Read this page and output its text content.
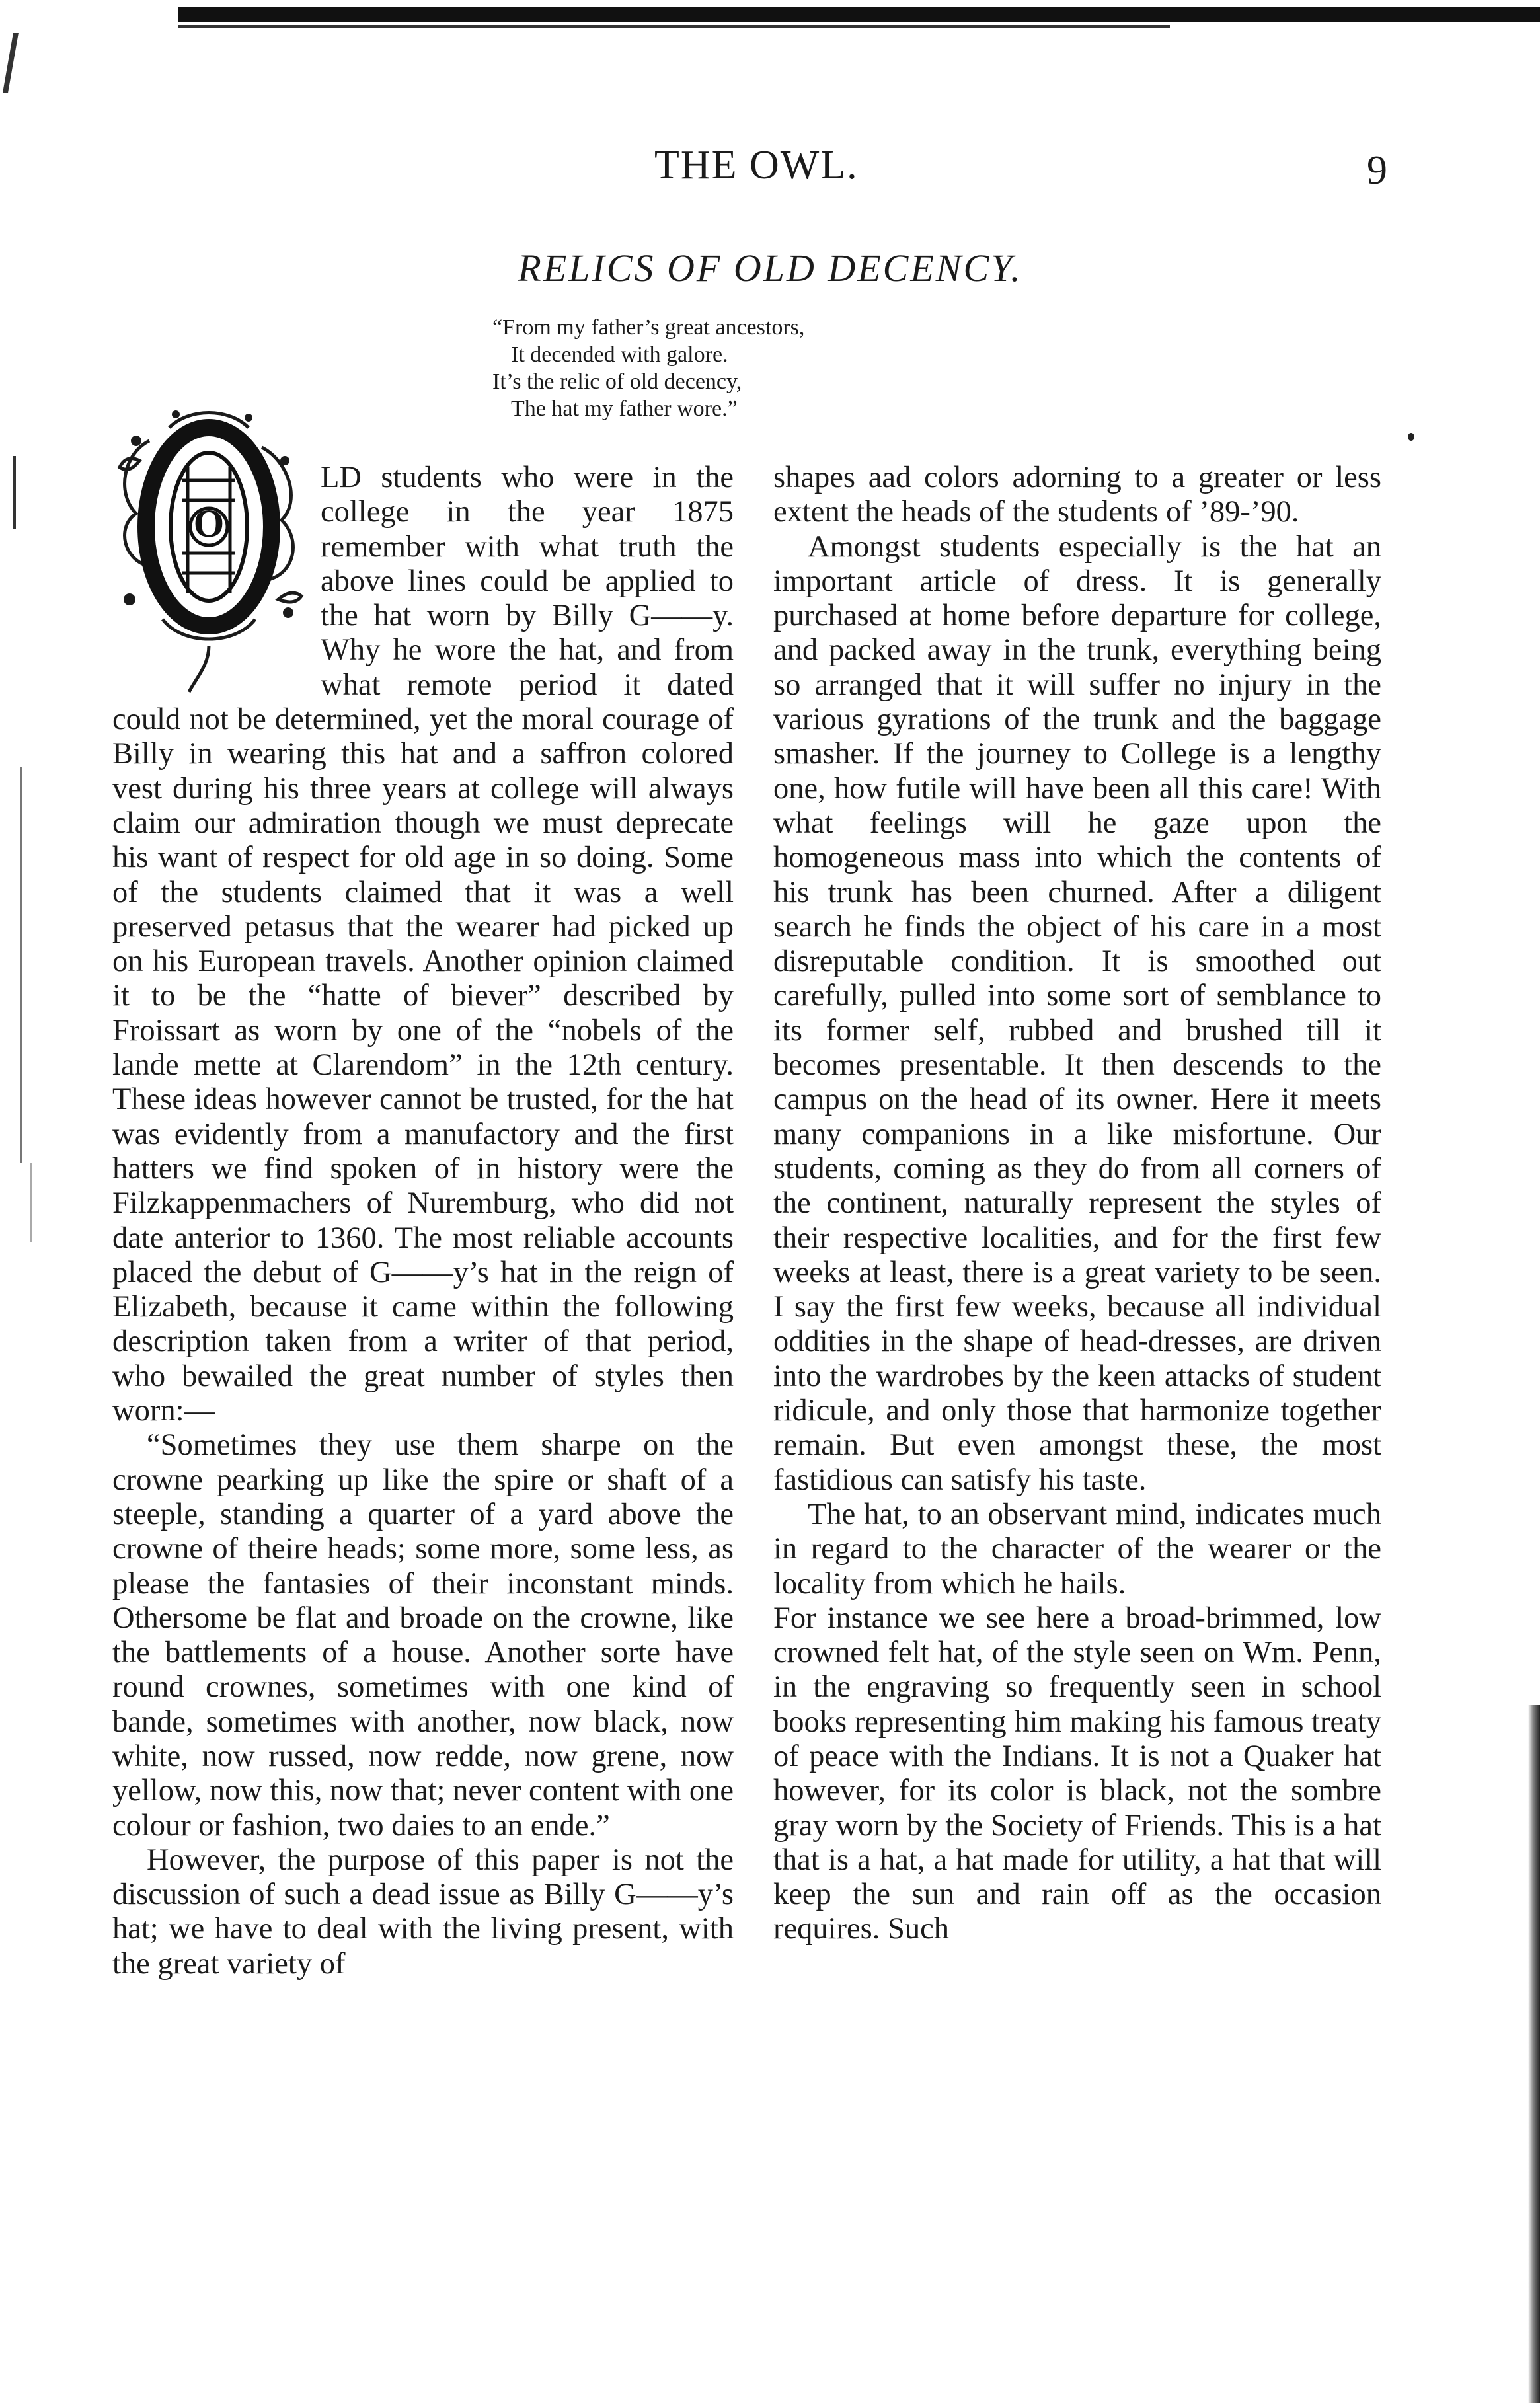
THE OWL.	9
RELICS OF OLD DECENCY.
“From my father’s great ancestors,
It decended with galore.
It’s the relic of old decency,
The hat my father wore.”
O

LD students who were in the college in the year 1875 remember with what truth the above lines could be applied to the hat worn by Billy G——y. Why he wore the hat, and from what remote period it dated could not be determined, yet the moral courage of Billy in wearing this hat and a saffron colored vest during his three years at college will always claim our admiration though we must deprecate his want of respect for old age in so doing. Some of the students claimed that it was a well preserved petasus that the wearer had picked up on his European travels. Another opinion claimed it to be the “hatte of biever” described by Froissart as worn by one of the “nobels of the lande mette at Clarendom” in the 12th century. These ideas however cannot be trusted, for the hat was evidently from a manufactory and the first hatters we find spoken of in history were the Filzkappenmachers of Nuremburg, who did not date anterior to 1360. The most reliable accounts placed the debut of G——y’s hat in the reign of Elizabeth, because it came within the following description taken from a writer of that period, who bewailed the great number of styles then worn:—

“Sometimes they use them sharpe on the crowne pearking up like the spire or shaft of a steeple, standing a quarter of a yard above the crowne of theire heads; some more, some less, as please the fantasies of their inconstant minds. Othersome be flat and broade on the crowne, like the battlements of a house. Another sorte have round crownes, sometimes with one kind of bande, sometimes with another, now black, now white, now russed, now redde, now grene, now yellow, now this, now that; never content with one colour or fashion, two daies to an ende.”

However, the purpose of this paper is not the discussion of such a dead issue as Billy G——y’s hat; we have to deal with the living present, with the great variety of

shapes aad colors adorning to a greater or less extent the heads of the students of ’89-’90.

Amongst students especially is the hat an important article of dress. It is generally purchased at home before departure for college, and packed away in the trunk, everything being so arranged that it will suffer no injury in the various gyrations of the trunk and the baggage smasher. If the journey to College is a lengthy one, how futile will have been all this care! With what feelings will he gaze upon the homogeneous mass into which the contents of his trunk has been churned. After a diligent search he finds the object of his care in a most disreputable condition. It is smoothed out carefully, pulled into some sort of semblance to its former self, rubbed and brushed till it becomes presentable. It then descends to the campus on the head of its owner. Here it meets many companions in a like misfortune. Our students, coming as they do from all corners of the continent, naturally represent the styles of their respective localities, and for the first few weeks at least, there is a great variety to be seen. I say the first few weeks, because all individual oddities in the shape of head-dresses, are driven into the wardrobes by the keen attacks of student ridicule, and only those that harmonize together remain. But even amongst these, the most fastidious can satisfy his taste.

The hat, to an observant mind, indicates much in regard to the character of the wearer or the locality from which he hails.

For instance we see here a broad-brimmed, low crowned felt hat, of the style seen on Wm. Penn, in the engraving so frequently seen in school books representing him making his famous treaty of peace with the Indians. It is not a Quaker hat however, for its color is black, not the sombre gray worn by the Society of Friends. This is a hat that is a hat, a hat made for utility, a hat that will keep the sun and rain off as the occasion requires. Such
